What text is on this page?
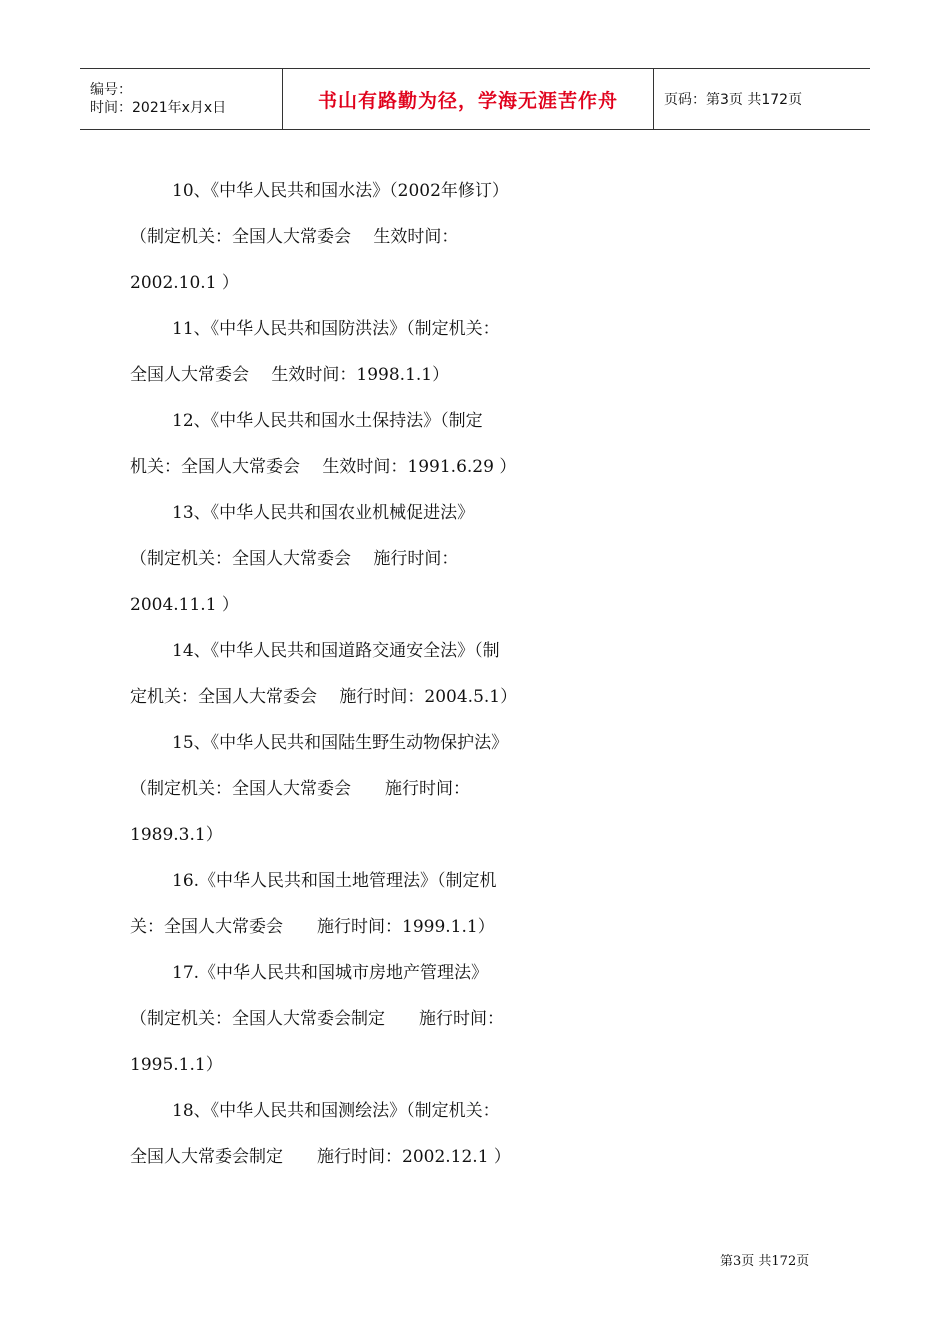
编号：
时间：2021年x月x日	书山有路勤为径，学海无涯苦作舟	页码：第3页 共172页
10、《中华人民共和国水法》（2002年修订）
（制定机关：全国人大常委会　 生效时间：
2002.10.1 ）
11、《中华人民共和国防洪法》（制定机关：
全国人大常委会　 生效时间：1998.1.1）
12、《中华人民共和国水土保持法》（制定
机关：全国人大常委会　 生效时间：1991.6.29 ）
13、《中华人民共和国农业机械促进法》
（制定机关：全国人大常委会　 施行时间：
2004.11.1 ）
14、《中华人民共和国道路交通安全法》（制
定机关：全国人大常委会　 施行时间：2004.5.1）
15、《中华人民共和国陆生野生动物保护法》
（制定机关：全国人大常委会　　施行时间：
1989.3.1）
16.《中华人民共和国土地管理法》（制定机
关：全国人大常委会　　施行时间：1999.1.1）
17.《中华人民共和国城市房地产管理法》
（制定机关：全国人大常委会制定　　施行时间：
1995.1.1）
18、《中华人民共和国测绘法》（制定机关：
全国人大常委会制定　　施行时间：2002.12.1 ）
第3页 共172页
